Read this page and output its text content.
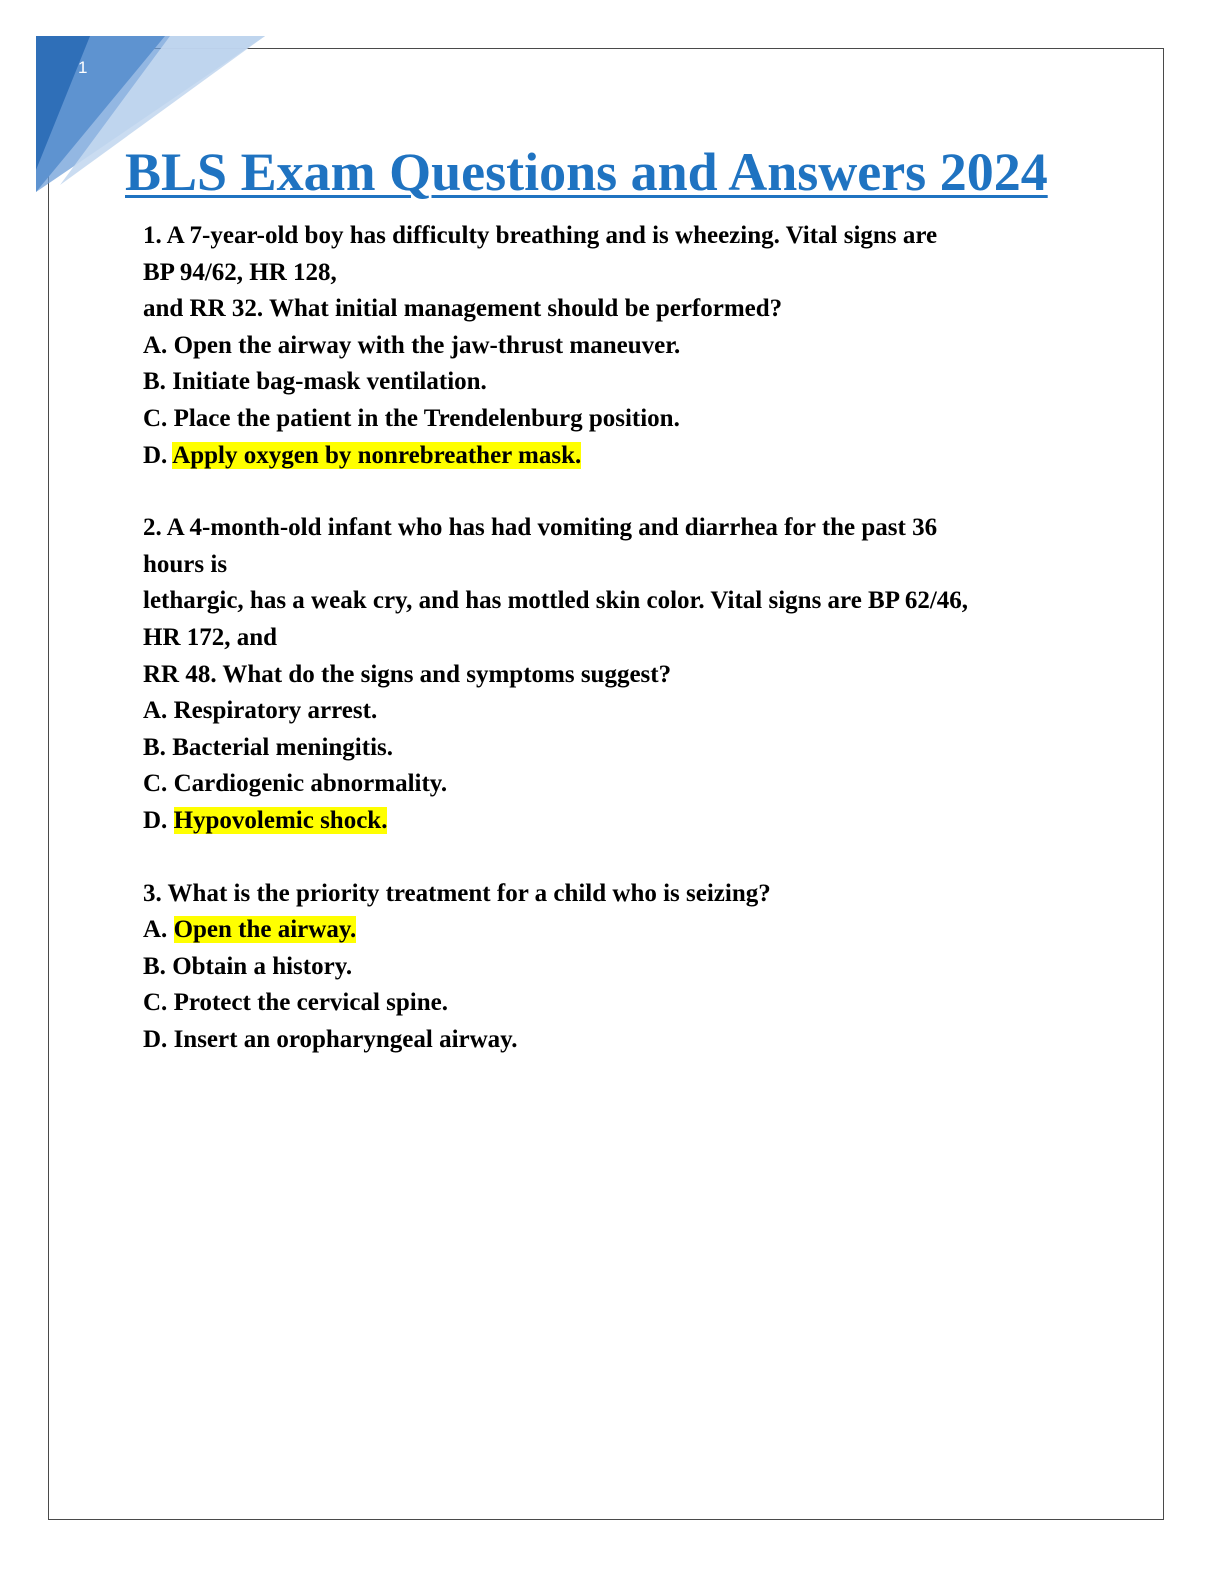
1
BLS Exam Questions and Answers 2024
1. A 7-year-old boy has difficulty breathing and is wheezing. Vital signs are
BP 94/62, HR 128,
and RR 32. What initial management should be performed?
A. Open the airway with the jaw-thrust maneuver.
B. Initiate bag-mask ventilation.
C. Place the patient in the Trendelenburg position.
D. Apply oxygen by nonrebreather mask.
2. A 4-month-old infant who has had vomiting and diarrhea for the past 36
hours is
lethargic, has a weak cry, and has mottled skin color. Vital signs are BP 62/46,
HR 172, and
RR 48. What do the signs and symptoms suggest?
A. Respiratory arrest.
B. Bacterial meningitis.
C. Cardiogenic abnormality.
D. Hypovolemic shock.
3. What is the priority treatment for a child who is seizing?
A. Open the airway.
B. Obtain a history.
C. Protect the cervical spine.
D. Insert an oropharyngeal airway.
